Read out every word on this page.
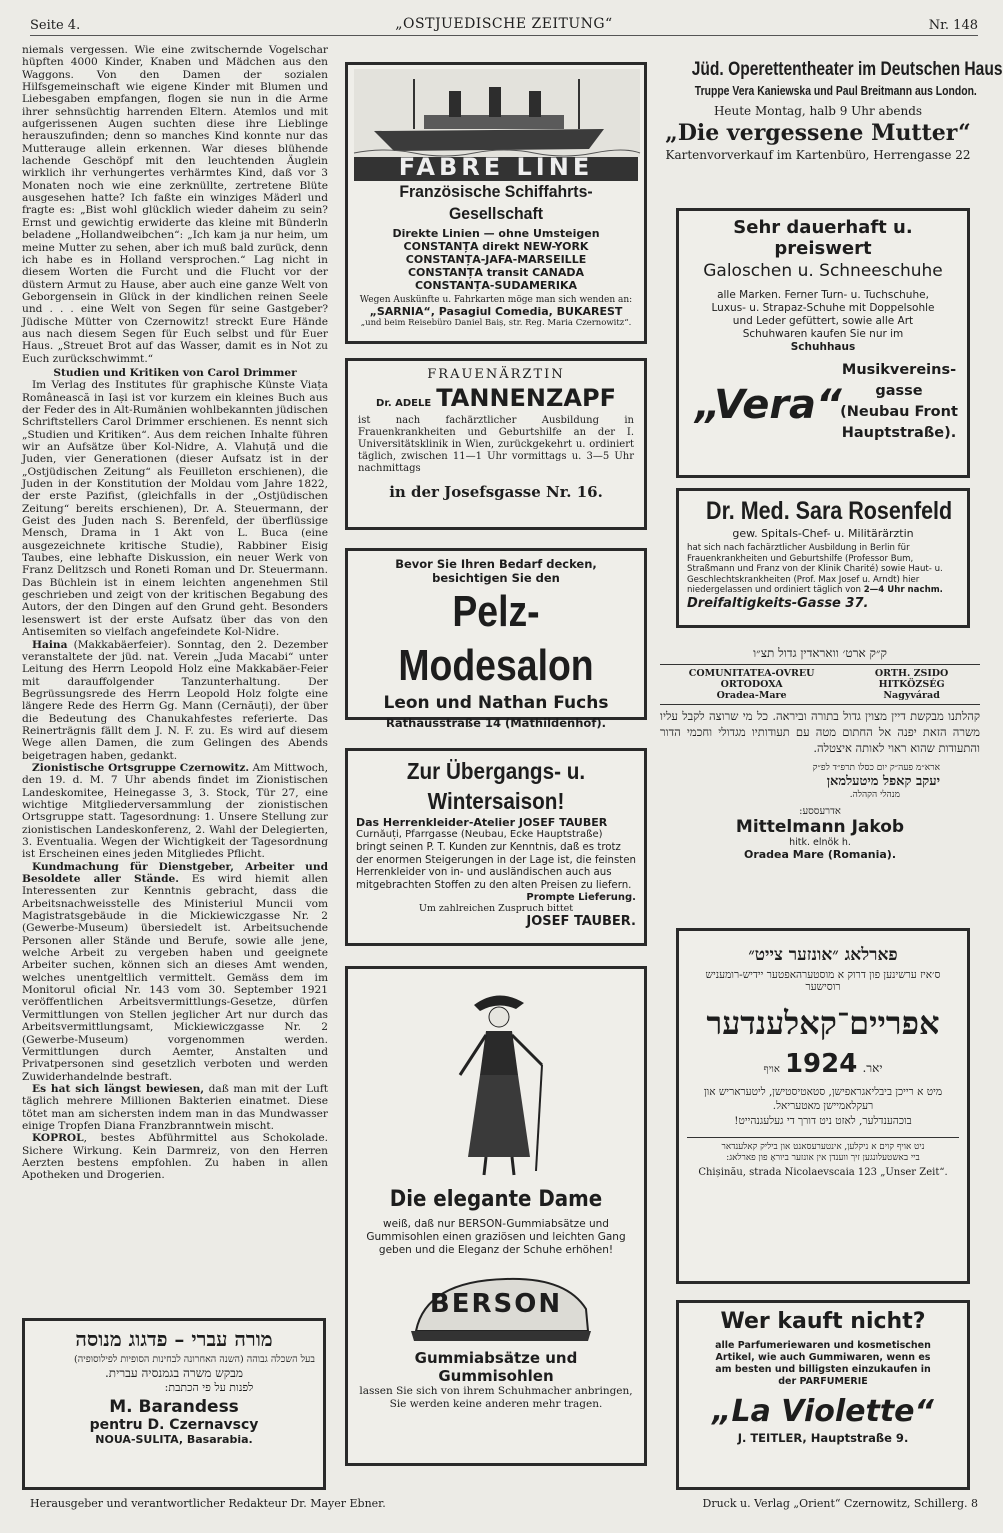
Seite 4.	„OSTJUEDISCHE ZEITUNG“	Nr. 148

niemals vergessen. Wie eine zwitschernde Vogelschar hüpften 4000 Kinder, Knaben und Mädchen aus den Waggons. Von den Damen der sozialen Hilfsgemeinschaft wie eigene Kinder mit Blumen und Liebesgaben empfangen, flogen sie nun in die Arme ihrer sehnsüchtig harrenden Eltern. Atemlos und mit aufgerissenen Augen suchten diese ihre Lieblinge herauszufinden; denn so manches Kind konnte nur das Mutterauge allein erkennen. War dieses blühende lachende Geschöpf mit den leuchtenden Äuglein wirklich ihr verhungertes verhärmtes Kind, daß vor 3 Monaten noch wie eine zerknüllte, zertretene Blüte ausgesehen hatte? Ich faßte ein winziges Mäderl und fragte es: „Bist wohl glücklich wieder daheim zu sein? Ernst und gewichtig erwiderte das kleine mit Bünderln beladene „Hollandweibchen“: „Ich kam ja nur heim, um meine Mutter zu sehen, aber ich muß bald zurück, denn ich habe es in Holland versprochen.“ Lag nicht in diesem Worten die Furcht und die Flucht vor der düstern Armut zu Hause, aber auch eine ganze Welt von Geborgensein in Glück in der kindlichen reinen Seele und . . . eine Welt von Segen für seine Gastgeber? Jüdische Mütter von Czernowitz! streckt Eure Hände aus nach diesem Segen für Euch selbst und für Euer Haus. „Streuet Brot auf das Wasser, damit es in Not zu Euch zurückschwimmt.“

Studien und Kritiken von Carol Drimmer

Im Verlag des Institutes für graphische Künste Viața Românească in Iași ist vor kurzem ein kleines Buch aus der Feder des in Alt-Rumänien wohlbekannten jüdischen Schriftstellers Carol Drimmer erschienen. Es nennt sich „Studien und Kritiken“. Aus dem reichen Inhalte führen wir an Aufsätze über Kol-Nidre, A. Vlahuță und die Juden, vier Generationen (dieser Aufsatz ist in der „Ostjüdischen Zeitung“ als Feuilleton erschienen), die Juden in der Konstitution der Moldau vom Jahre 1822, der erste Pazifist, (gleichfalls in der „Ostjüdischen Zeitung“ bereits erschienen), Dr. A. Steuermann, der Geist des Juden nach S. Berenfeld, der überflüssige Mensch, Drama in 1 Akt von L. Buca (eine ausgezeichnete kritische Studie), Rabbiner Eisig Taubes, eine lebhafte Diskussion, ein neuer Werk von Franz Delitzsch und Roneti Roman und Dr. Steuermann. Das Büchlein ist in einem leichten angenehmen Stil geschrieben und zeigt von der kritischen Begabung des Autors, der den Dingen auf den Grund geht. Besonders lesenswert ist der erste Aufsatz über das von den Antisemiten so vielfach angefeindete Kol-Nidre.

Haina (Makkabäerfeier). Sonntag, den 2. Dezember veranstaltete der jüd. nat. Verein „Juda Macabi“ unter Leitung des Herrn Leopold Holz eine Makkabäer-Feier mit darauffolgender Tanzunterhaltung. Der Begrüssungsrede des Herrn Leopold Holz folgte eine längere Rede des Herrn Gg. Mann (Cernăuți), der über die Bedeutung des Chanukahfestes referierte. Das Reinerträgnis fällt dem J. N. F. zu. Es wird auf diesem Wege allen Damen, die zum Gelingen des Abends beigetragen haben, gedankt.

Zionistische Ortsgruppe Czernowitz. Am Mittwoch, den 19. d. M. 7 Uhr abends findet im Zionistischen Landeskomitee, Heinegasse 3, 3. Stock, Tür 27, eine wichtige Mitgliederversammlung der zionistischen Ortsgruppe statt. Tagesordnung: 1. Unsere Stellung zur zionistischen Landeskonferenz, 2. Wahl der Delegierten, 3. Eventualia. Wegen der Wichtigkeit der Tagesordnung ist Erscheinen eines jeden Mitgliedes Pflicht.

Kundmachung für Dienstgeber, Arbeiter und Besoldete aller Stände. Es wird hiemit allen Interessenten zur Kenntnis gebracht, dass die Arbeitsnachweisstelle des Ministeriul Muncii vom Magistratsgebäude in die Mickiewiczgasse Nr. 2 (Gewerbe-Museum) übersiedelt ist. Arbeitsuchende Personen aller Stände und Berufe, sowie alle jene, welche Arbeit zu vergeben haben und geeignete Arbeiter suchen, können sich an dieses Amt wenden, welches unentgeltlich vermittelt. Gemäss dem im Monitorul oficial Nr. 143 vom 30. September 1921 veröffentlichen Arbeitsvermittlungs-Gesetze, dürfen Vermittlungen von Stellen jeglicher Art nur durch das Arbeitsvermittlungsamt, Mickiewiczgasse Nr. 2 (Gewerbe-Museum) vorgenommen werden. Vermittlungen durch Aemter, Anstalten und Privatpersonen sind gesetzlich verboten und werden Zuwiderhandelnde bestraft.

Es hat sich längst bewiesen, daß man mit der Luft täglich mehrere Millionen Bakterien einatmet. Diese tötet man am sichersten indem man in das Mundwasser einige Tropfen Diana Franzbranntwein mischt.

KOPROL, bestes Abführmittel aus Schokolade. Sichere Wirkung. Kein Darmreiz, von den Herren Aerzten bestens empfohlen. Zu haben in allen Apotheken und Drogerien.

מורה עברי – פדגוג מנוסה
בעל השכלה גבוהה (השנה האחרונה לבחינות הסופיות לפילוסופיה)
מבקש משרה בגמנסיה עברית.
לפנות על פי הכתבת:
M. Barandess
pentru D. Czernavscy
NOUA-SULITA, Basarabia.
FABRE LINE
Französische Schiffahrts-Gesellschaft
Direkte Linien — ohne Umsteigen
CONSTANȚA direkt NEW-YORK
CONSTANȚA-JAFA-MARSEILLE
CONSTANȚA transit CANADA
CONSTANȚA-SUDAMERIKA
Wegen Auskünfte u. Fahrkarten möge man sich wenden an:
„SARNIA“, Pasagiul Comedia, BUKAREST
„und beim Reisebüro Daniel Baiș, str. Reg. Maria Czernowitz“.
FRAUENÄRZTIN
Dr. ADELE TANNENZAPF
ist nach fachärztlicher Ausbildung in Frauenkrankheiten und Geburtshilfe an der I. Universitätsklinik in Wien, zurückgekehrt u. ordiniert täglich, zwischen 11—1 Uhr vormittags u. 3—5 Uhr nachmittags
in der Josefsgasse Nr. 16.
Bevor Sie Ihren Bedarf decken,
besichtigen Sie den
Pelz-Modesalon
Leon und Nathan Fuchs
Rathausstraße 14 (Mathildenhof).
Zur Übergangs- u. Wintersaison!
Das Herrenkleider-Atelier JOSEF TAUBER
Curnăuți, Pfarrgasse (Neubau, Ecke Hauptstraße)
bringt seinen P. T. Kunden zur Kenntnis, daß es trotz der enormen Steigerungen in der Lage ist, die feinsten Herrenkleider von in- und ausländischen auch aus mitgebrachten Stoffen zu den alten Preisen zu liefern.
Prompte Lieferung.
Um zahlreichen Zuspruch bittet
JOSEF TAUBER.
Die elegante Dame
weiß, daß nur BERSON-Gummiabsätze und Gummisohlen einen graziösen und leichten Gang geben und die Eleganz der Schuhe erhöhen!
BERSON
Gummiabsätze und
Gummisohlen
lassen Sie sich von ihrem Schuhmacher anbringen, Sie werden keine anderen mehr tragen.
Jüd. Operettentheater im Deutschen Haus
Truppe Vera Kaniewska und Paul Breitmann aus London.
Heute Montag, halb 9 Uhr abends
„Die vergessene Mutter“
Kartenvorverkauf im Kartenbüro, Herrengasse 22
Sehr dauerhaft u. preiswert
Galoschen u. Schneeschuhe
alle Marken. Ferner Turn- u. Tuchschuhe, Luxus- u. Strapaz-Schuhe mit Doppelsohle und Leder gefüttert, sowie alle Art Schuhwaren kaufen Sie nur im Schuhhaus
„Vera“
Musikvereins-
gasse
(Neubau Front
Hauptstraße).
Dr. Med. Sara Rosenfeld
gew. Spitals-Chef- u. Militärärztin
hat sich nach fachärztlicher Ausbildung in Berlin für Frauenkrankheiten und Geburtshilfe (Professor Bum, Straßmann und Franz von der Klinik Charité) sowie Haut- u. Geschlechtskrankheiten (Prof. Max Josef u. Arndt) hier niedergelassen und ordiniert täglich von 2—4 Uhr nachm.
Dreifaltigkeits-Gasse 37.
ק״ק ארט׳ וואראדין גדול תצ״ו
COMUNITATEA-OVREU ORTODOXA
Oradea-Mare
ORTH. ZSIDO HITKÖZSÉG
Nagyvárad
קהלתנו מבקשת דיין מצוין גדול בתורה וביראה. כל מי שרוצה לקבל עליו משרה הזאת יפנה אל החתום מטה עם תעודותיו מגדולי וחכמי הדור והתעודות שהוא ראוי לאותה איצטלה.
ארא״מ פעה״ק יום כסלו תרפ״ד לפ״ק
יעקב קאפל מיטעלמאן
מנהלי הקהלה.
אדרעססע:
Mittelmann Jakob
hitk. elnök h.
Oradea Mare (Romania).
פארלאג ״אונזער צייט״
ס׳איז ערשינען פון דרוק א מוסטערהאפטער יידיש-רומעניש
רוסישער
אפריים־קאלענדער
יאר. 1924 אויף
מיט א רייכן ביבליאגראפישן, סטאטיסטישן, ליטעראריש און רעקלאמיישן מאטעריאל.
בוכהענדלער, לאזט ניט דורך די געלעגנהייט!
ניט אויף קוים א ניקלען, אינטערעסאנט און ביליק קאלענדאר
ביי באשטעלונגען זיך ווענדן אין אונזער ביוראָ פון פארלאג:
Chișinău, strada Nicolaevscaia 123 „Unser Zeit“.
Wer kauft nicht?
alle Parfumeriewaren und kosmetischen Artikel, wie auch Gummiwaren, wenn es am besten und billigsten einzukaufen in der PARFUMERIE
„La Violette“
J. TEITLER, Hauptstraße 9.
Herausgeber und verantwortlicher Redakteur Dr. Mayer Ebner.	Druck u. Verlag „Orient“ Czernowitz, Schillerg. 8
